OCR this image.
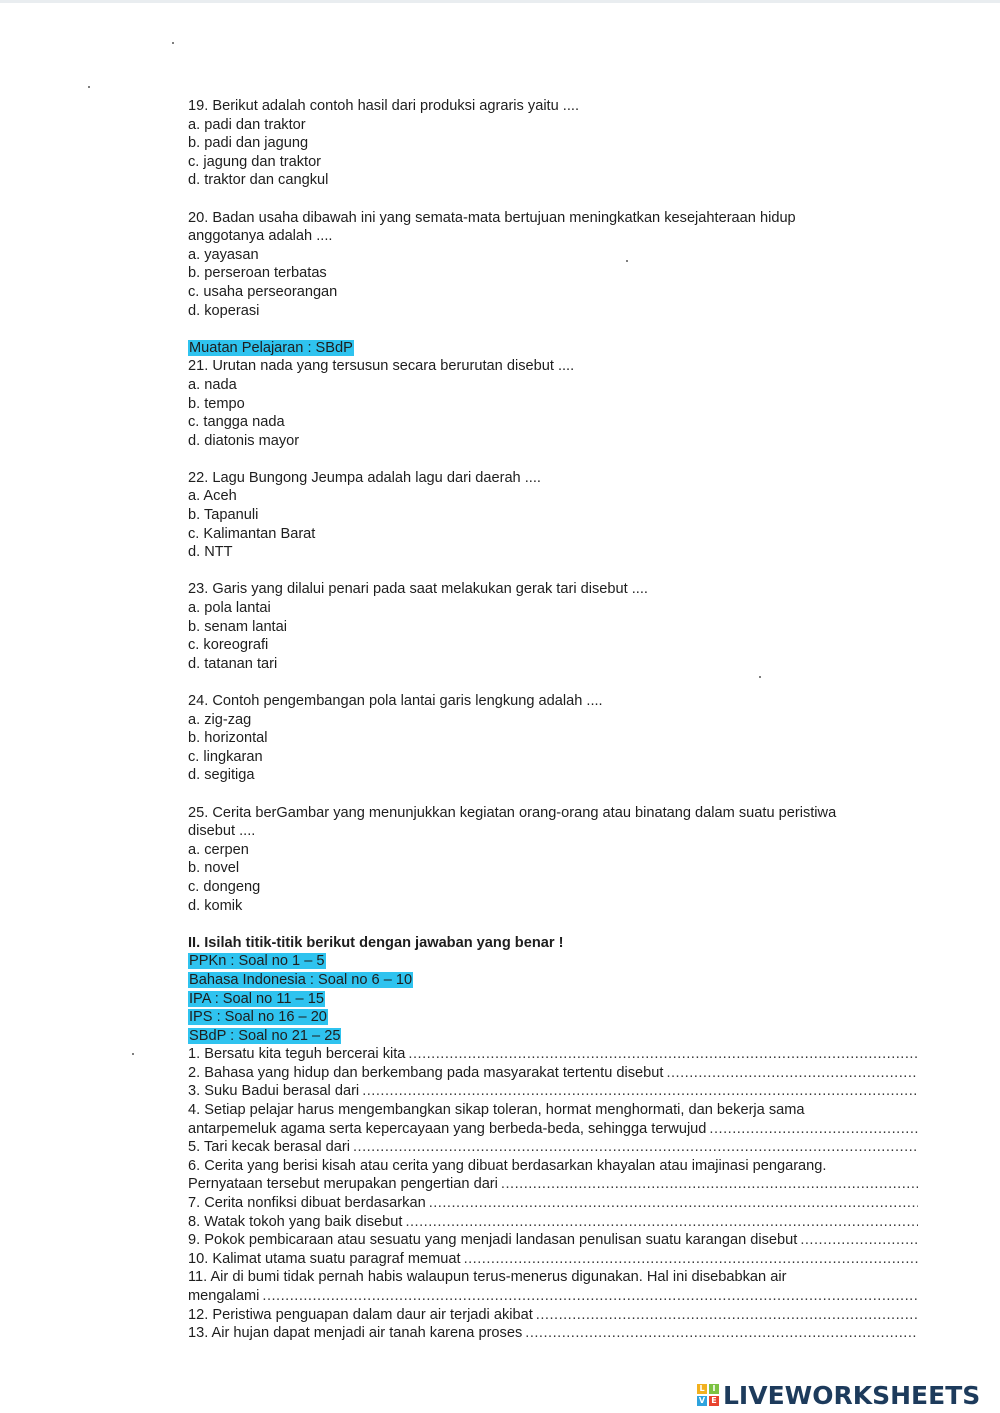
19. Berikut adalah contoh hasil dari produksi agraris yaitu ....
a. padi dan traktor
b. padi dan jagung
c. jagung dan traktor
d. traktor dan cangkul
20. Badan usaha dibawah ini yang semata-mata bertujuan meningkatkan kesejahteraan hidup
anggotanya adalah ....
a. yayasan
b. perseroan terbatas
c. usaha perseorangan
d. koperasi
Muatan Pelajaran : SBdP
21. Urutan nada yang tersusun secara berurutan disebut ....
a. nada
b. tempo
c. tangga nada
d. diatonis mayor
22. Lagu Bungong Jeumpa adalah lagu dari daerah ....
a. Aceh
b. Tapanuli
c. Kalimantan Barat
d. NTT
23. Garis yang dilalui penari pada saat melakukan gerak tari disebut ....
a. pola lantai
b. senam lantai
c. koreografi
d. tatanan tari
24. Contoh pengembangan pola lantai garis lengkung adalah ....
a. zig-zag
b. horizontal
c. lingkaran
d. segitiga
25. Cerita berGambar yang menunjukkan kegiatan orang-orang atau binatang dalam suatu peristiwa
disebut ....
a. cerpen
b. novel
c. dongeng
d. komik
II. Isilah titik-titik berikut dengan jawaban yang benar !
PPKn : Soal no 1 – 5
Bahasa Indonesia : Soal no 6 – 10
IPA : Soal no 11 – 15
IPS : Soal no 16 – 20
SBdP : Soal no 21 – 25
1. Bersatu kita teguh bercerai kita
.....
2. Bahasa yang hidup dan berkembang pada masyarakat tertentu disebut
.....
3. Suku Badui berasal dari
.....
4. Setiap pelajar harus mengembangkan sikap toleran, hormat menghormati, dan bekerja sama
antarpemeluk agama serta kepercayaan yang berbeda-beda, sehingga terwujud
.....
5. Tari kecak berasal dari
.....
6. Cerita yang berisi kisah atau cerita yang dibuat berdasarkan khayalan atau imajinasi pengarang.
Pernyataan tersebut merupakan pengertian dari
.....
7. Cerita nonfiksi dibuat berdasarkan
.....
8. Watak tokoh yang baik disebut
.....
9. Pokok pembicaraan atau sesuatu yang menjadi landasan penulisan suatu karangan disebut
.....
10. Kalimat utama suatu paragraf memuat
.....
11. Air di bumi tidak pernah habis walaupun terus-menerus digunakan. Hal ini disebabkan air
mengalami
.....
12. Peristiwa penguapan dalam daur air terjadi akibat
.....
13. Air hujan dapat menjadi air tanah karena proses
.....
L I
V E LIVEWORKSHEETS
